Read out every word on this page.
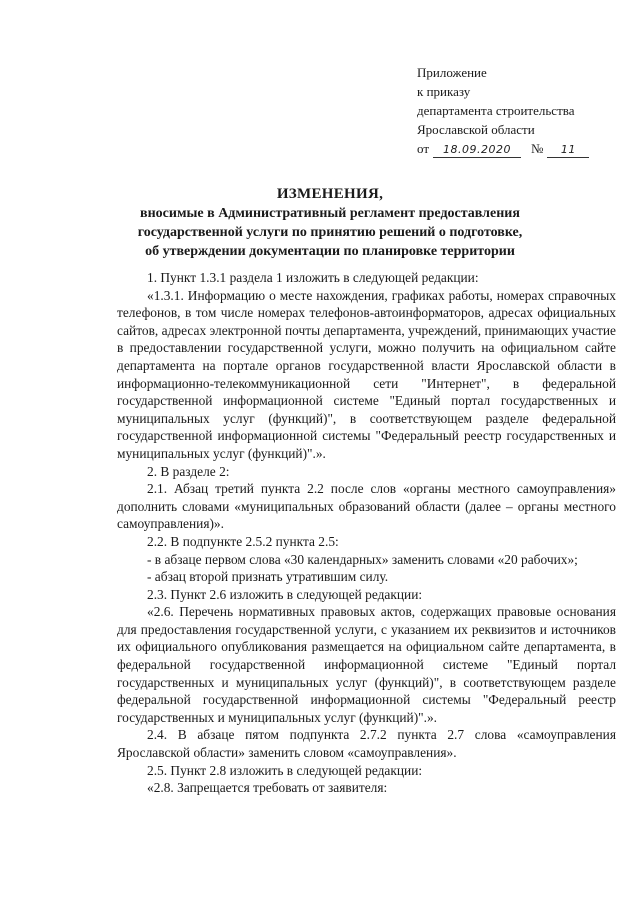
Приложение
к приказу
департамента строительства
Ярославской области
от 18.09.2020 № 11
ИЗМЕНЕНИЯ,
вносимые в Административный регламент предоставления
государственной услуги по принятию решений о подготовке,
об утверждении документации по планировке территории

1. Пункт 1.3.1 раздела 1 изложить в следующей редакции:

«1.3.1. Информацию о месте нахождения, графиках работы, номерах справочных телефонов, в том числе номерах телефонов-автоинформаторов, адресах официальных сайтов, адресах электронной почты департамента, учреждений, принимающих участие в предоставлении государственной услуги, можно получить на официальном сайте департамента на портале органов государственной власти Ярославской области в информационно-телекоммуникационной сети "Интернет", в федеральной государственной информационной системе "Единый портал государственных и муниципальных услуг (функций)", в соответствующем разделе федеральной государственной информационной системы "Федеральный реестр государственных и муниципальных услуг (функций)".».

2. В разделе 2:

2.1. Абзац третий пункта 2.2 после слов «органы местного самоуправления» дополнить словами «муниципальных образований области (далее – органы местного самоуправления)».

2.2. В подпункте 2.5.2 пункта 2.5:

- в абзаце первом слова «30 календарных» заменить словами «20 рабочих»;

- абзац второй признать утратившим силу.

2.3. Пункт 2.6 изложить в следующей редакции:

«2.6. Перечень нормативных правовых актов, содержащих правовые основания для предоставления государственной услуги, с указанием их реквизитов и источников их официального опубликования размещается на официальном сайте департамента, в федеральной государственной информационной системе "Единый портал государственных и муниципальных услуг (функций)", в соответствующем разделе федеральной государственной информационной системы "Федеральный реестр государственных и муниципальных услуг (функций)".».

2.4. В абзаце пятом подпункта 2.7.2 пункта 2.7 слова «самоуправления Ярославской области» заменить словом «самоуправления».

2.5. Пункт 2.8 изложить в следующей редакции:

«2.8. Запрещается требовать от заявителя:
